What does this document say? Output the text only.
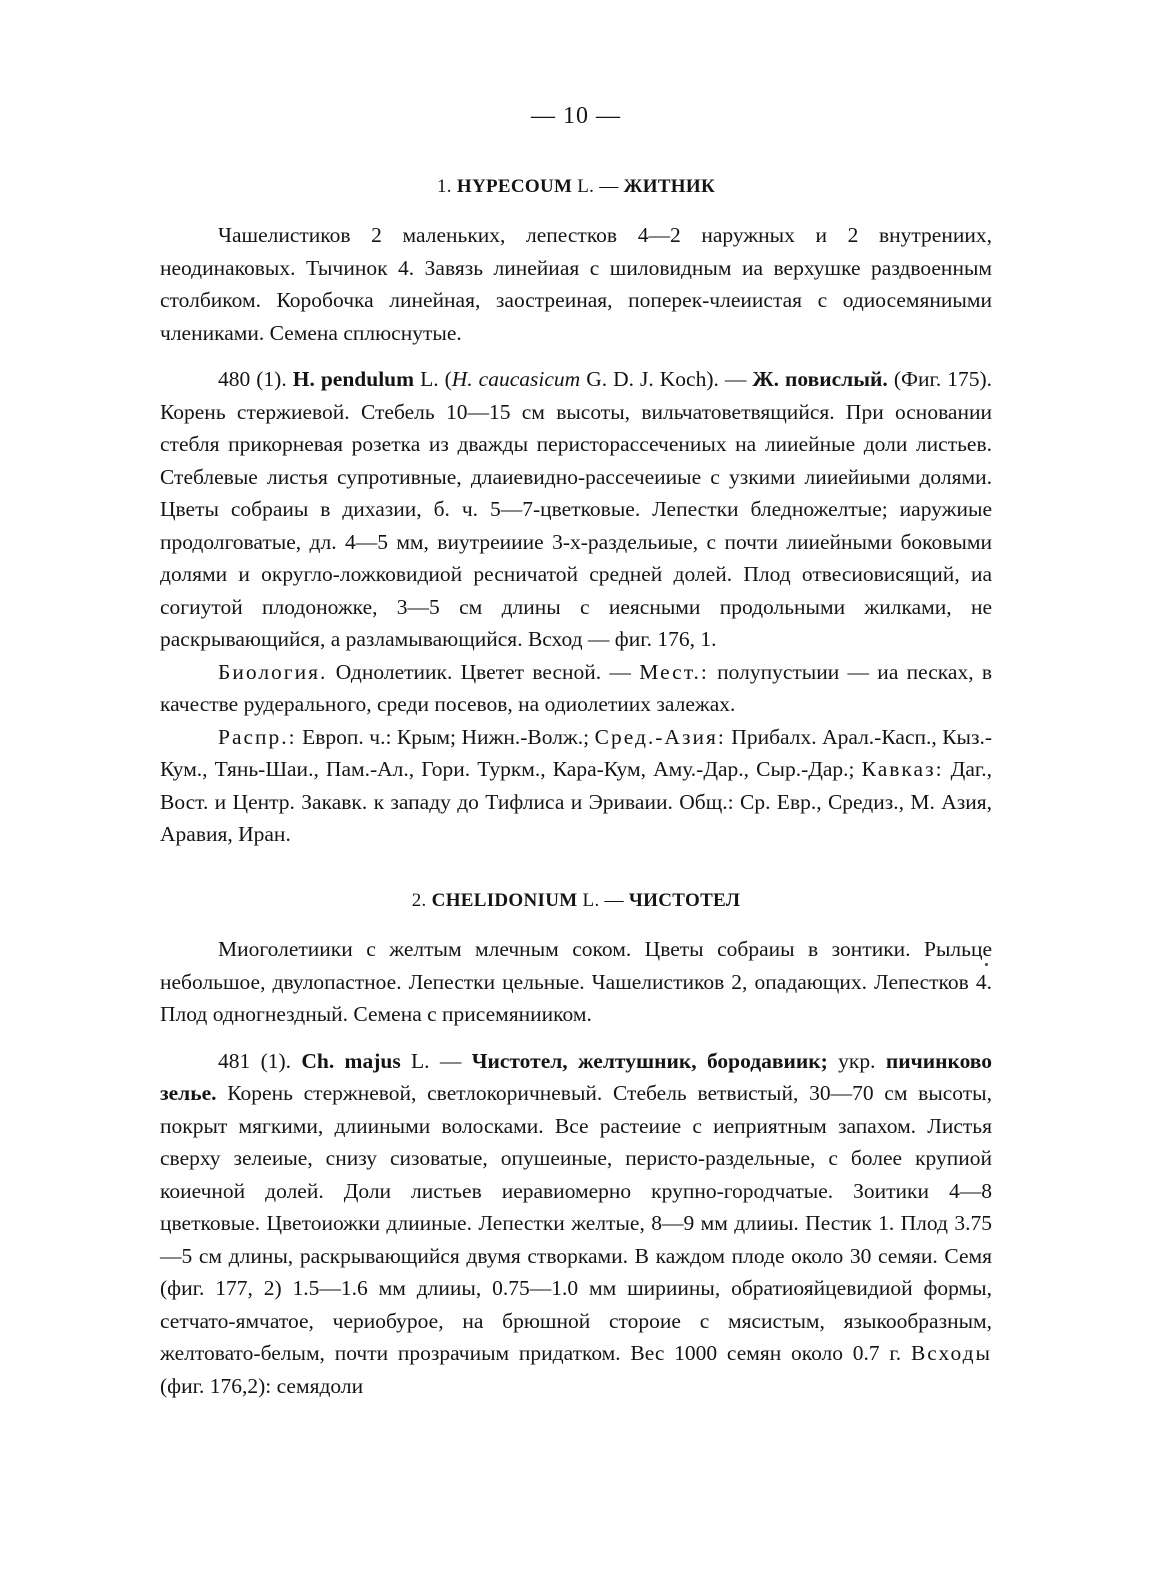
— 10 —
1. HYPECOUM L. — ЖИТНИК

Чашелистиков 2 маленьких, лепестков 4—2 наружных и 2 внутрениих, неодинаковых. Тычинок 4. Завязь линейиая с шиловидным иа верхушке раздвоенным столбиком. Коробочка линейная, заостреиная, поперек-члеиистая с одиосемяниыми члениками. Семена сплюснутые.

480 (1). H. pendulum L. (H. caucasicum G. D. J. Koch). — Ж. повислый. (Фиг. 175). Корень стержиевой. Стебель 10—15 см высоты, вильчатоветвящийся. При основании стебля прикорневая розетка из дважды перисторассечениых на лииейные доли листьев. Стеблевые листья супротивные, длаиевидно-рассечеииые с узкими лииейиыми долями. Цветы собраиы в дихазии, б. ч. 5—7-цветковые. Лепестки бледножелтые; иаружиые продолговатые, дл. 4—5 мм, виутреииие 3-х-раздельиые, с почти лииейными боковыми долями и округло-ложковидиой ресничатой средней долей. Плод отвесиовисящий, иа согиутой плодоножке, 3—5 см длины с иеясными продольными жилками, не раскрывающийся, а разламывающийся. Всход — фиг. 176, 1.

Биология. Однолетиик. Цветет весной. — Мест.: полупустыии — иа песках, в качестве рудерального, среди посевов, на одиолетиих залежах.

Распр.: Европ. ч.: Крым; Нижн.-Волж.; Сред.-Азия: Прибалх. Арал.-Касп., Кыз.-Кум., Тянь-Шаи., Пам.-Ал., Гори. Туркм., Кара-Кум, Аму.-Дар., Сыр.-Дар.; Кавказ: Даг., Вост. и Центр. Закавк. к западу до Тифлиса и Эриваии. Общ.: Ср. Евр., Средиз., М. Азия, Аравия, Иран.

2. CHELIDONIUM L. — ЧИСТОТЕЛ

Миоголетиики с желтым млечным соком. Цветы собраиы в зонтики. Рыльце небольшое, двулопастное. Лепестки цельные. Чашелистиков 2, опадающих. Лепестков 4. Плод одногнездный. Семена с присемянииком.

481 (1). Ch. majus L. — Чистотел, желтушник, бородавиик; укр. пичинково зелье. Корень стержневой, светлокоричневый. Стебель ветвистый, 30—70 см высоты, покрыт мягкими, длииными волосками. Все растеиие с иеприятным запахом. Листья сверху зелеиые, снизу сизоватые, опушеиные, перисто-раздельные, с более крупиой коиечной долей. Доли листьев иеравиомерно крупно-городчатые. Зоитики 4—8 цветковые. Цветоиожки длииные. Лепестки желтые, 8—9 мм длииы. Пестик 1. Плод 3.75—5 см длины, раскрывающийся двумя створками. В каждом плоде около 30 семяи. Семя (фиг. 177, 2) 1.5—1.6 мм длииы, 0.75—1.0 мм шириины, обратиояйцевидиой формы, сетчато-ямчатое, чериобурое, на брюшной сторoие с мясистым, языкообразным, желтовато-белым, почти прозрачиым придатком. Вес 1000 семян около 0.7 г. Всходы (фиг. 176,2): семядоли
